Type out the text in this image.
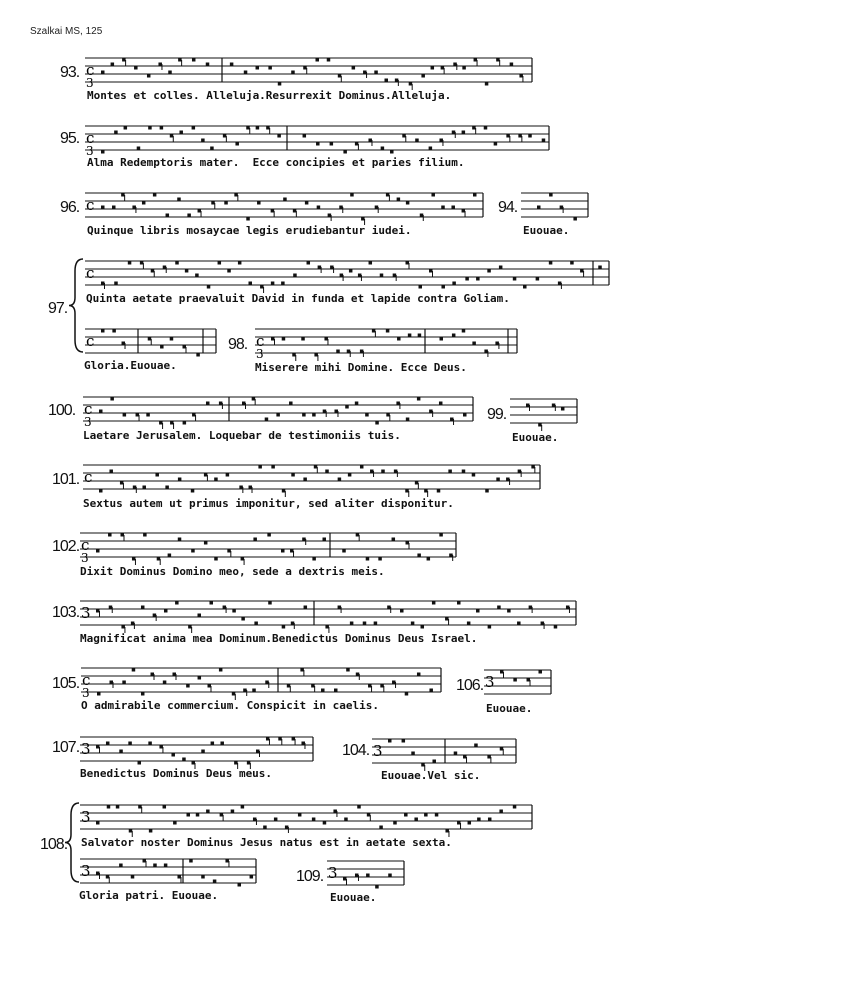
Szalkai MS, 125
c
3
c
3
c
c
c	c
3
c
3
c
c
3
3
c
3
3
3	3
3
3	3
93.
95.
96.	94.
97.
98.
100.	99.
101.
102.
103.
105.	106.
107.	104.
108.
109.
Montes et colles. Alleluja.Resurrexit Dominus.Alleluja.
Alma Redemptoris mater.  Ecce concipies et paries filium.
Quinque libris mosaycae legis erudiebantur iudei.	Euouae.
Quinta aetate praevaluit David in funda et lapide contra Goliam.
Gloria.Euouae.	Miserere mihi Domine. Ecce Deus.
Laetare Jerusalem. Loquebar de testimoniis tuis.	Euouae.
Sextus autem ut primus imponitur, sed aliter disponitur.
Dixit Dominus Domino meo, sede a dextris meis.
Magnificat anima mea Dominum.Benedictus Dominus Deus Israel.
O admirabile commercium. Conspicit in caelis.	Euouae.
Benedictus Dominus Deus meus.	Euouae.Vel sic.
Salvator noster Dominus Jesus natus est in aetate sexta.
Gloria patri. Euouae.	Euouae.
